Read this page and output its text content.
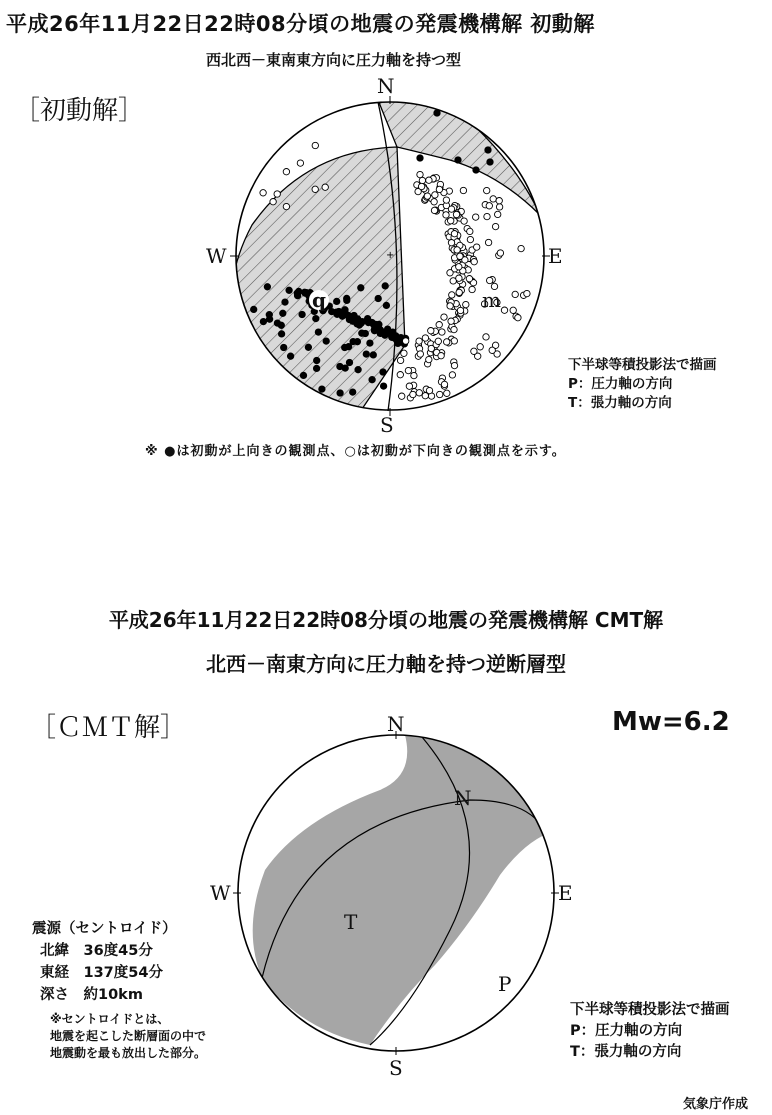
平成26年11月22日22時08分頃の地震の発震機構解 初動解
西北西－東南東方向に圧力軸を持つ型
［初動解］
+
N
E
S
W
q	m
下半球等積投影法で描画
P：圧力軸の方向
T：張力軸の方向
※ ●は初動が上向きの観測点、○は初動が下向きの観測点を示す。
平成26年11月22日22時08分頃の地震の発震機構解 CMT解
北西－南東方向に圧力軸を持つ逆断層型
［ＣＭＴ解］	Mw=6.2
N
E
S
W
N
T
P
震源（セントロイド）
北緯　36度45分
東経　137度54分
深さ　約10km
※セントロイドとは、
地震を起こした断層面の中で
地震動を最も放出した部分。
下半球等積投影法で描画
P：圧力軸の方向
T：張力軸の方向
気象庁作成
